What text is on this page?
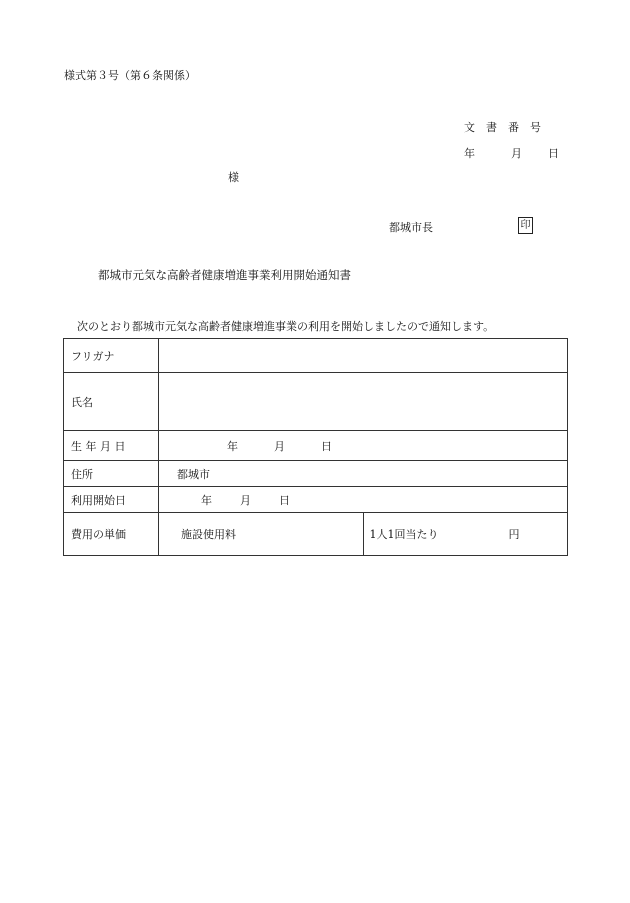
様式第３号（第６条関係）
文書番号
年	月 日
様
都城市長	印
都城市元気な高齢者健康増進事業利用開始通知書
次のとおり都城市元気な高齢者健康増進事業の利用を開始しましたので通知します。
フリガナ		
氏名		
生 年 月 日	年 月 日	
住所	都城市	
利用開始日	年 月 日	
費用の単価	施設使用料	1人1回当たり 円
